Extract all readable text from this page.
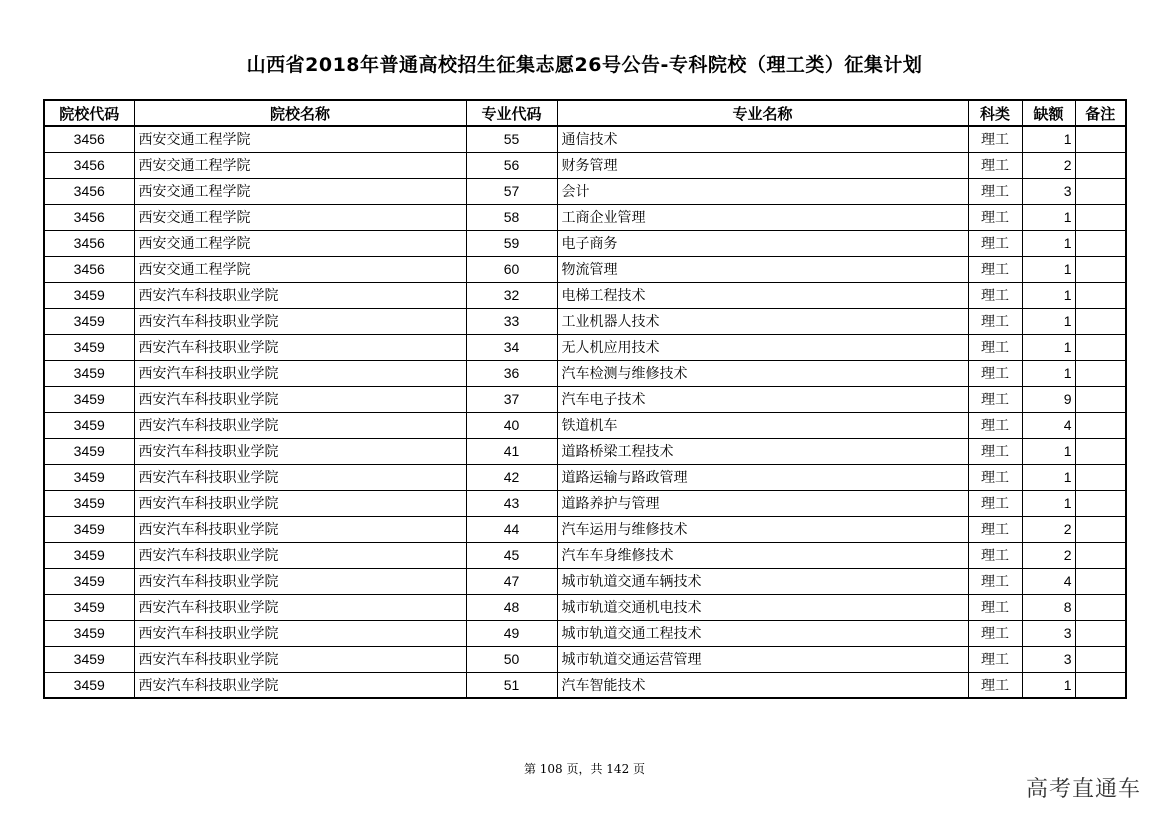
山西省2018年普通高校招生征集志愿26号公告-专科院校（理工类）征集计划
院校代码	院校名称	专业代码	专业名称	科类	缺额	备注
3456	西安交通工程学院	55	通信技术	理工	1	
3456	西安交通工程学院	56	财务管理	理工	2	
3456	西安交通工程学院	57	会计	理工	3	
3456	西安交通工程学院	58	工商企业管理	理工	1	
3456	西安交通工程学院	59	电子商务	理工	1	
3456	西安交通工程学院	60	物流管理	理工	1	
3459	西安汽车科技职业学院	32	电梯工程技术	理工	1	
3459	西安汽车科技职业学院	33	工业机器人技术	理工	1	
3459	西安汽车科技职业学院	34	无人机应用技术	理工	1	
3459	西安汽车科技职业学院	36	汽车检测与维修技术	理工	1	
3459	西安汽车科技职业学院	37	汽车电子技术	理工	9	
3459	西安汽车科技职业学院	40	铁道机车	理工	4	
3459	西安汽车科技职业学院	41	道路桥梁工程技术	理工	1	
3459	西安汽车科技职业学院	42	道路运输与路政管理	理工	1	
3459	西安汽车科技职业学院	43	道路养护与管理	理工	1	
3459	西安汽车科技职业学院	44	汽车运用与维修技术	理工	2	
3459	西安汽车科技职业学院	45	汽车车身维修技术	理工	2	
3459	西安汽车科技职业学院	47	城市轨道交通车辆技术	理工	4	
3459	西安汽车科技职业学院	48	城市轨道交通机电技术	理工	8	
3459	西安汽车科技职业学院	49	城市轨道交通工程技术	理工	3	
3459	西安汽车科技职业学院	50	城市轨道交通运营管理	理工	3	
3459	西安汽车科技职业学院	51	汽车智能技术	理工	1	
第 108 页，共 142 页
高考直通车
